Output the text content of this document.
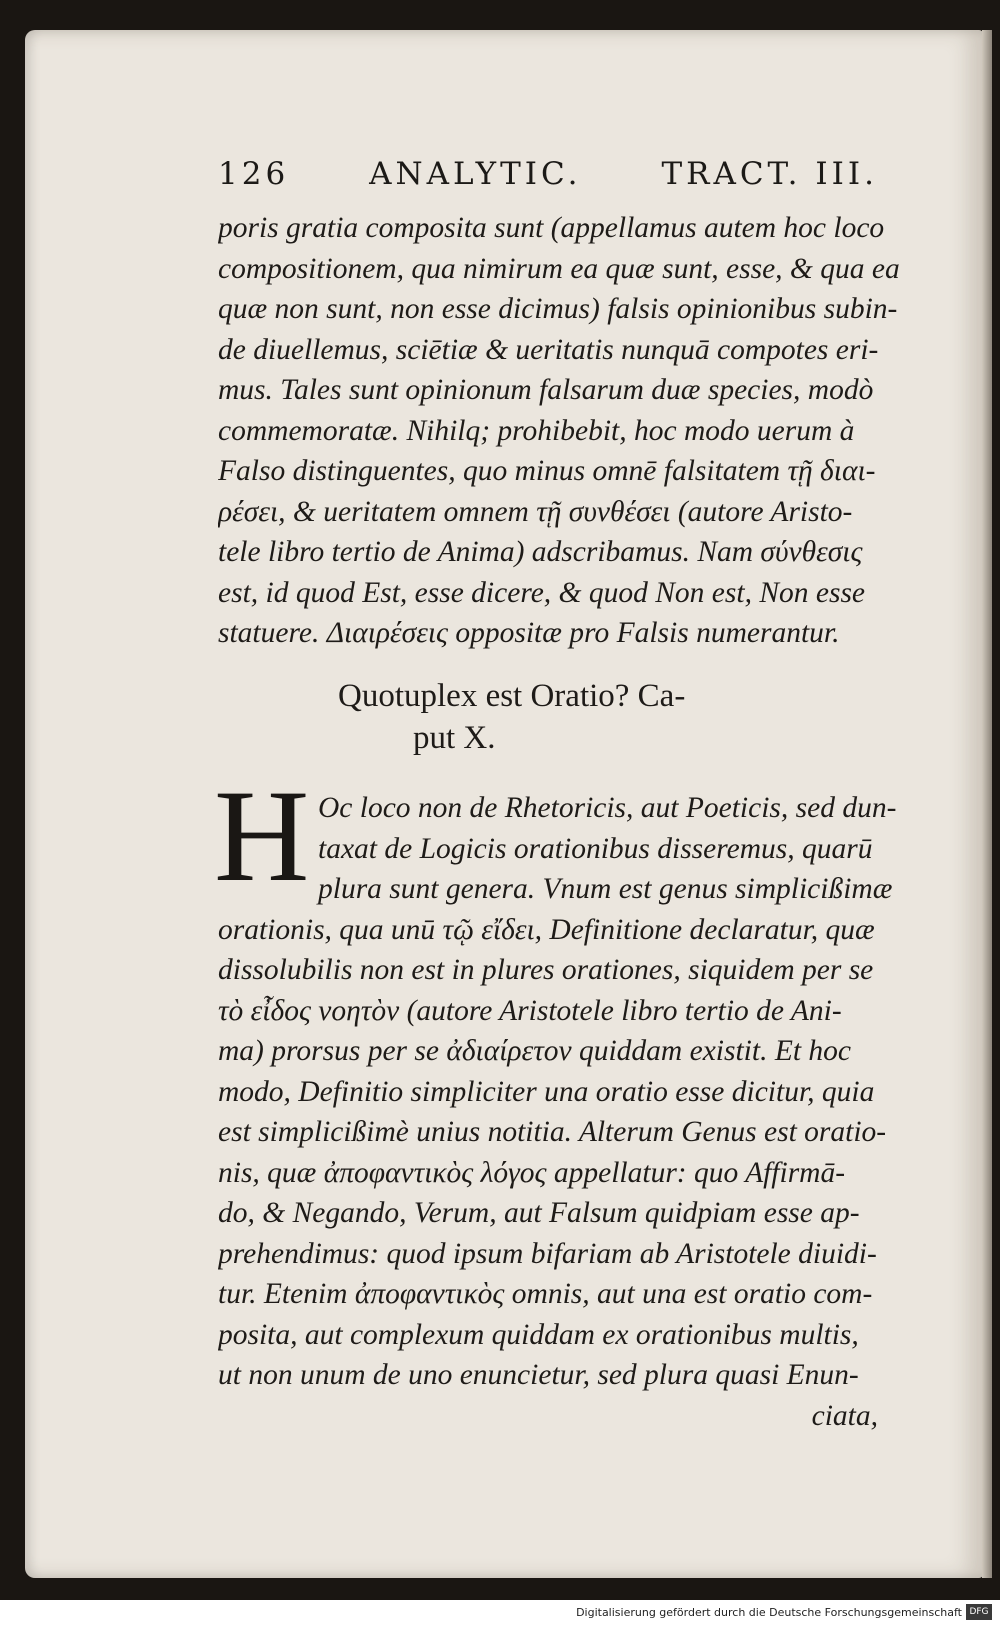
126	ANALYTIC.	TRACT. III.
poris gratia composita sunt (appellamus autem hoc loco
compositionem, qua nimirum ea quæ sunt, esse, & qua ea
quæ non sunt, non esse dicimus) falsis opinionibus subin-
de diuellemus, sciētiæ & ueritatis nunquā compotes eri-
mus. Tales sunt opinionum falsarum duæ species, modò
commemoratæ. Nihilq; prohibebit, hoc modo uerum à
Falso distinguentes, quo minus omnē falsitatem τῇ διαι-
ρέσει, & ueritatem omnem τῇ συνθέσει (autore Aristo-
tele libro tertio de Anima) adscribamus. Nam σύνθεσις
est, id quod Est, esse dicere, & quod Non est, Non esse
statuere. Διαιρέσεις oppositæ pro Falsis numerantur.
Quotuplex est Oratio? Ca-
put X.
H Oc loco non de Rhetoricis, aut Poeticis, sed dun-
taxat de Logicis orationibus disseremus, quarū
plura sunt genera. Vnum est genus simplicißimæ
orationis, qua unū τῷ εἴδει, Definitione declaratur, quæ
dissolubilis non est in plures orationes, siquidem per se
τὸ εἶδος νοητὸν (autore Aristotele libro tertio de Ani-
ma) prorsus per se ἀδιαίρετον quiddam existit. Et hoc
modo, Definitio simpliciter una oratio esse dicitur, quia
est simplicißimè unius notitia. Alterum Genus est oratio-
nis, quæ ἀποφαντικὸς λόγος appellatur: quo Affirmā-
do, & Negando, Verum, aut Falsum quidpiam esse ap-
prehendimus: quod ipsum bifariam ab Aristotele diuidi-
tur. Etenim ἀποφαντικὸς omnis, aut una est oratio com-
posita, aut complexum quiddam ex orationibus multis,
ut non unum de uno enuncietur, sed plura quasi Enun-
ciata,
Digitalisierung gefördert durch die Deutsche Forschungsgemeinschaft DFG
